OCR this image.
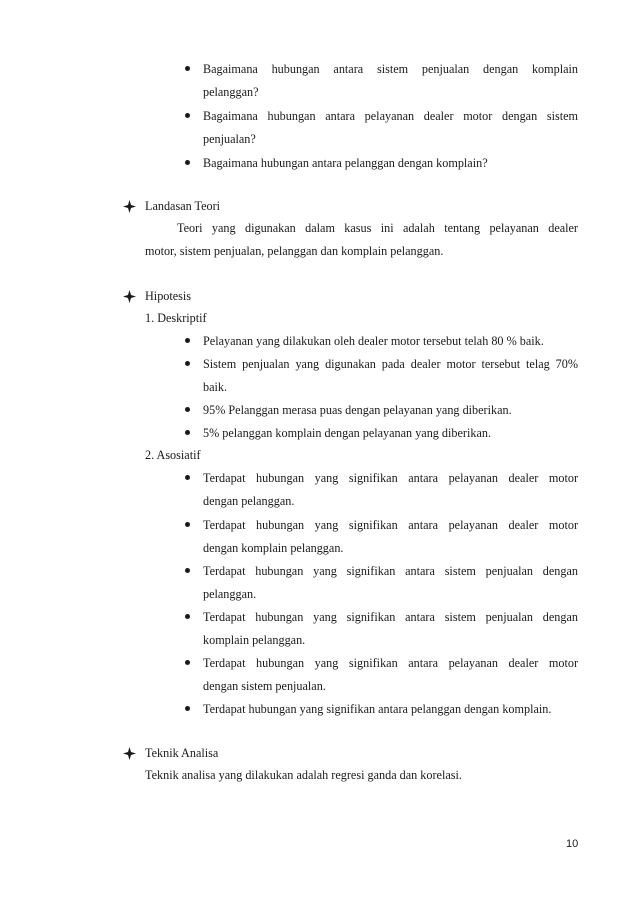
Bagaimana hubungan antara sistem penjualan dengan komplain
pelanggan?
Bagaimana hubungan antara pelayanan dealer motor dengan sistem
penjualan?
Bagaimana hubungan antara pelanggan dengan komplain?
Landasan Teori
Teori yang digunakan dalam kasus ini adalah tentang pelayanan dealer
motor, sistem penjualan, pelanggan dan komplain pelanggan.
Hipotesis
1. Deskriptif
Pelayanan yang dilakukan oleh dealer motor tersebut telah 80 % baik.
Sistem penjualan yang digunakan pada dealer motor tersebut telag 70%
baik.
95% Pelanggan merasa puas dengan pelayanan yang diberikan.
5% pelanggan komplain dengan pelayanan yang diberikan.
2. Asosiatif
Terdapat hubungan yang signifikan antara pelayanan dealer motor
dengan pelanggan.
Terdapat hubungan yang signifikan antara pelayanan dealer motor
dengan komplain pelanggan.
Terdapat hubungan yang signifikan antara sistem penjualan dengan
pelanggan.
Terdapat hubungan yang signifikan antara sistem penjualan dengan
komplain pelanggan.
Terdapat hubungan yang signifikan antara pelayanan dealer motor
dengan sistem penjualan.
Terdapat hubungan yang signifikan antara pelanggan dengan komplain.
Teknik Analisa
Teknik analisa yang dilakukan adalah regresi ganda dan korelasi.
10
